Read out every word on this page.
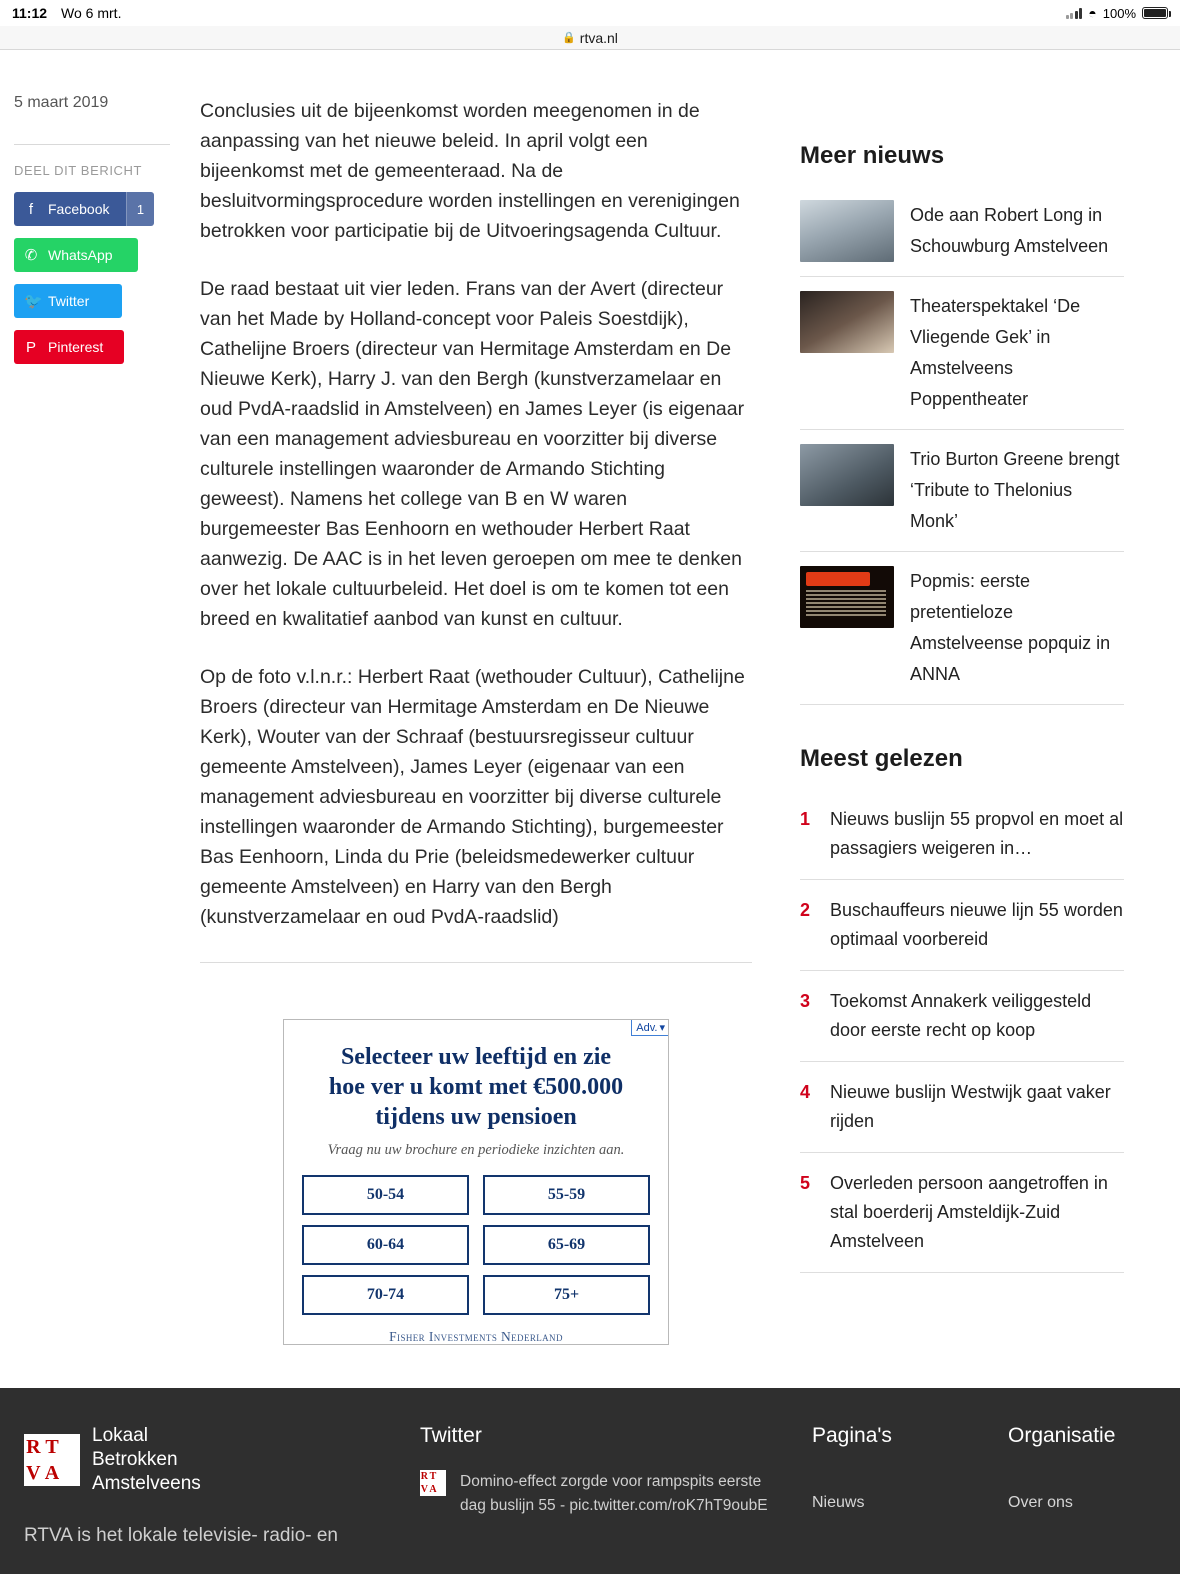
11:12 Wo 6 mrt.	◓ 100%
🔒 rtva.nl
5 maart 2019
DEEL DIT BERICHT
f	Facebook	1
✆ WhatsApp
🐦 Twitter
P Pinterest

Conclusies uit de bijeenkomst worden meegenomen in de aanpassing van het nieuwe beleid. In april volgt een bijeenkomst met de gemeenteraad. Na de besluitvormingsprocedure worden instellingen en verenigingen betrokken voor participatie bij de Uitvoeringsagenda Cultuur.

De raad bestaat uit vier leden. Frans van der Avert (directeur van het Made by Holland-concept voor Paleis Soestdijk), Cathelijne Broers (directeur van Hermitage Amsterdam en De Nieuwe Kerk), Harry J. van den Bergh (kunstverzamelaar en oud PvdA-raadslid in Amstelveen) en James Leyer (is eigenaar van een management adviesbureau en voorzitter bij diverse culturele instellingen waaronder de Armando Stichting geweest). Namens het college van B en W waren burgemeester Bas Eenhoorn en wethouder Herbert Raat aanwezig. De AAC is in het leven geroepen om mee te denken over het lokale cultuurbeleid. Het doel is om te komen tot een breed en kwalitatief aanbod van kunst en cultuur.

Op de foto v.l.n.r.: Herbert Raat (wethouder Cultuur), Cathelijne Broers (directeur van Hermitage Amsterdam en De Nieuwe Kerk), Wouter van der Schraaf (bestuursregisseur cultuur gemeente Amstelveen), James Leyer (eigenaar van een management adviesbureau en voorzitter bij diverse culturele instellingen waaronder de Armando Stichting), burgemeester Bas Eenhoorn, Linda du Prie (beleidsmedewerker cultuur gemeente Amstelveen) en Harry van den Bergh (kunstverzamelaar en oud PvdA-raadslid)

Adv. ▾
Selecteer uw leeftijd en zie
hoe ver u komt met €500.000
tijdens uw pensioen
Vraag nu uw brochure en periodieke inzichten aan.
50-54	55-59
60-64	65-69
70-74	75+
Fisher Investments Nederland
Meer nieuws
Ode aan Robert Long in Schouwburg Amstelveen
Theaterspektakel ‘De Vliegende Gek’ in Amstelveens Poppentheater
Trio Burton Greene brengt ‘Tribute to Thelonius Monk’
Popmis: eerste pretentieloze Amstelveense popquiz in ANNA
Meest gelezen
1	Nieuws buslijn 55 propvol en moet al passagiers weigeren in…
2	Buschauffeurs nieuwe lijn 55 worden optimaal voorbereid
3	Toekomst Annakerk veiliggesteld door eerste recht op koop
4	Nieuwe buslijn Westwijk gaat vaker rijden
5	Overleden persoon aangetroffen in stal boerderij Amsteldijk-Zuid Amstelveen
R T
V A
Lokaal
Betrokken
Amstelveens
RTVA is het lokale televisie- radio- en
Twitter
R T
V A Domino-effect zorgde voor rampspits eerste
dag buslijn 55 - pic.twitter.com/roK7hT9oubE
Pagina's
Nieuws
Organisatie
Over ons
